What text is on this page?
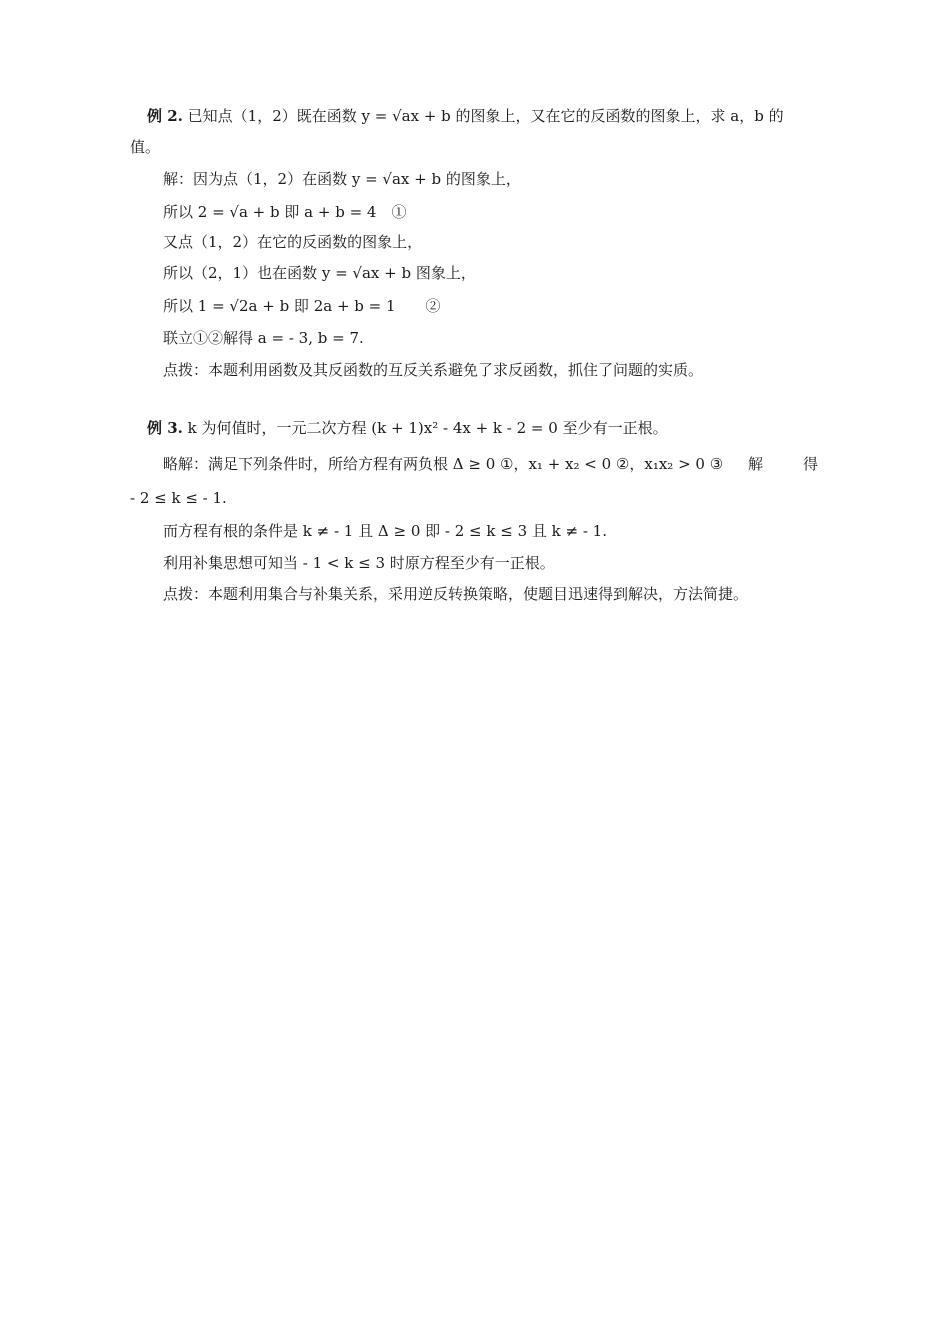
例 2. 已知点（1，2）既在函数 y = √ax + b 的图象上，又在它的反函数的图象上，求 a，b 的
值。
解：因为点（1，2）在函数 y = √ax + b 的图象上，
所以 2 = √a + b 即 a + b = 4　①
又点（1，2）在它的反函数的图象上，
所以（2，1）也在函数 y = √ax + b 图象上，
所以 1 = √2a + b 即 2a + b = 1　　②
联立①②解得 a = - 3, b = 7.
点拨：本题利用函数及其反函数的互反关系避免了求反函数，抓住了问题的实质。
例 3. k 为何值时，一元二次方程 (k + 1)x² - 4x + k - 2 = 0 至少有一正根。
略解：满足下列条件时，所给方程有两负根 Δ ≥ 0 ①，x₁ + x₂ < 0 ②，x₁x₂ > 0 ③ 解	得
- 2 ≤ k ≤ - 1.
而方程有根的条件是 k ≠ - 1 且 Δ ≥ 0 即 - 2 ≤ k ≤ 3 且 k ≠ - 1.
利用补集思想可知当 - 1 < k ≤ 3 时原方程至少有一正根。
点拨：本题利用集合与补集关系，采用逆反转换策略，使题目迅速得到解决，方法简捷。
